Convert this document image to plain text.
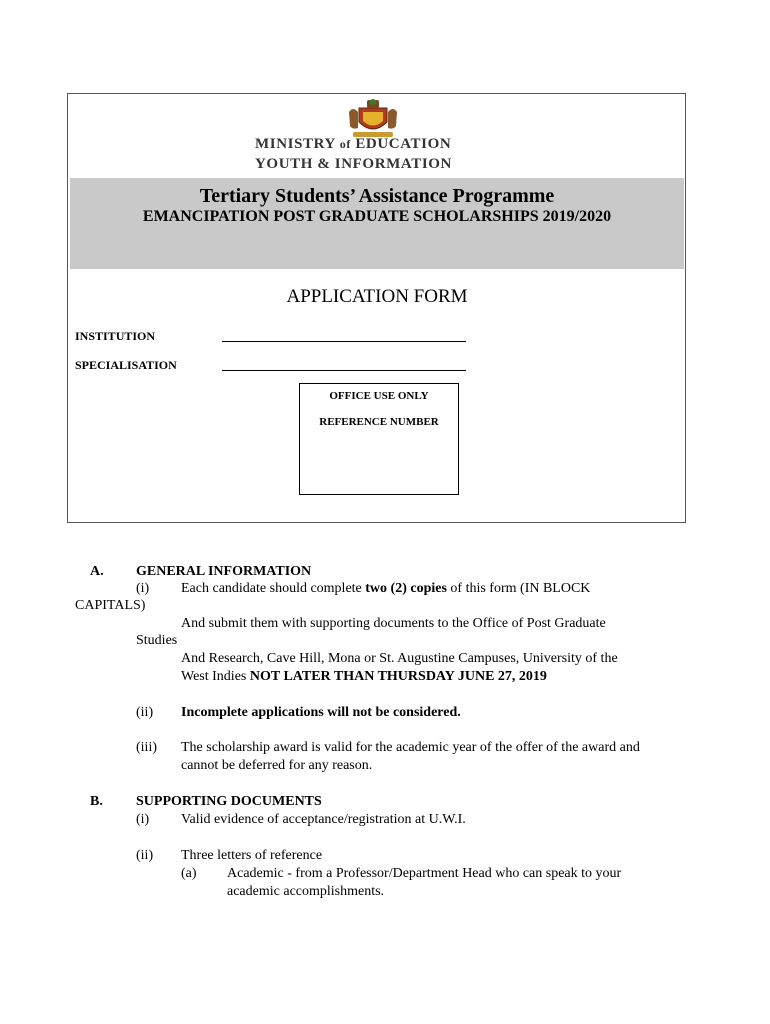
MINISTRY of EDUCATION
YOUTH & INFORMATION
Tertiary Students’ Assistance Programme
EMANCIPATION POST GRADUATE SCHOLARSHIPS 2019/2020
APPLICATION FORM
INSTITUTION
SPECIALISATION
OFFICE USE ONLY
REFERENCE NUMBER
A. GENERAL INFORMATION
(i) Each candidate should complete two (2) copies of this form (IN BLOCK
CAPITALS)
And submit them with supporting documents to the Office of Post Graduate
Studies
And Research, Cave Hill, Mona or St. Augustine Campuses, University of the
West Indies NOT LATER THAN THURSDAY JUNE 27, 2019
(ii) Incomplete applications will not be considered.
(iii) The scholarship award is valid for the academic year of the offer of the award and
cannot be deferred for any reason.
B. SUPPORTING DOCUMENTS
(i) Valid evidence of acceptance/registration at U.W.I.
(ii) Three letters of reference
(a) Academic - from a Professor/Department Head who can speak to your
academic accomplishments.
